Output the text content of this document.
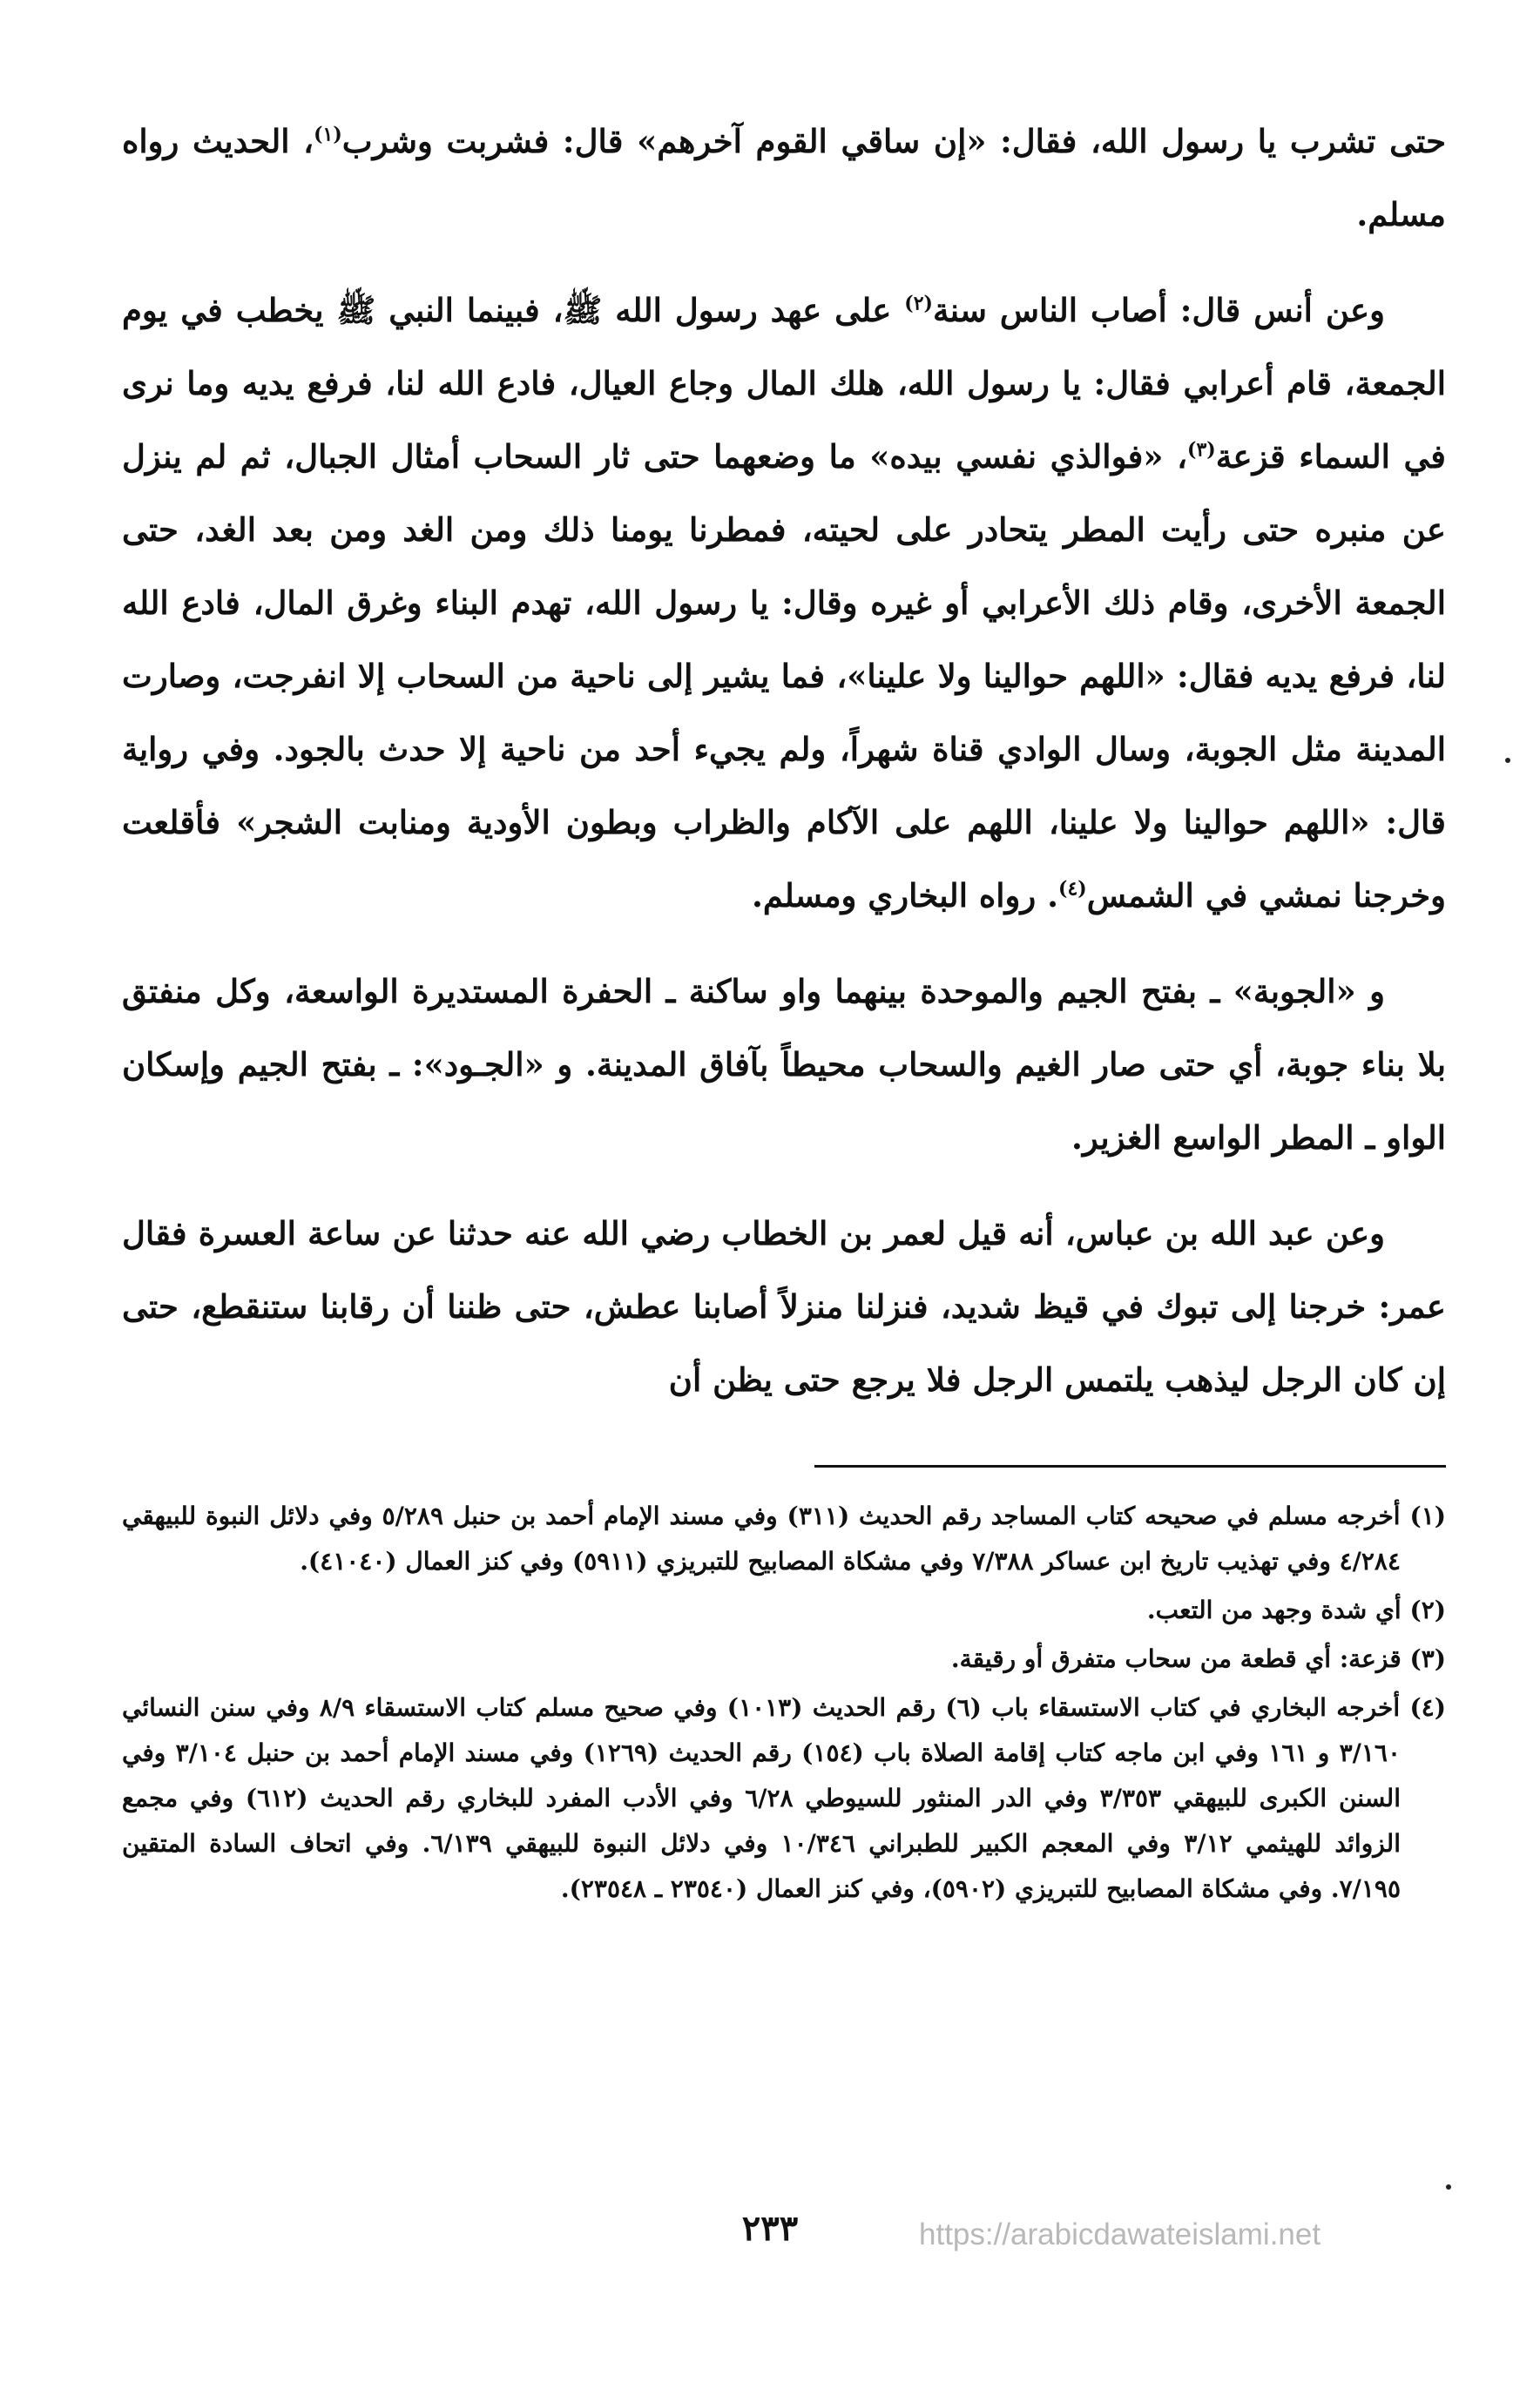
حتى تشرب يا رسول الله، فقال: «إن ساقي القوم آخرهم» قال: فشربت وشرب$^{(١)}$، الحديث رواه مسلم.

وعن أنس قال: أصاب الناس سنة$^{(٢)}$ على عهد رسول الله ﷺ، فبينما النبي ﷺ يخطب في يوم الجمعة، قام أعرابي فقال: يا رسول الله، هلك المال وجاع العيال، فادع الله لنا، فرفع يديه وما نرى في السماء قزعة$^{(٣)}$، «فوالذي نفسي بيده» ما وضعهما حتى ثار السحاب أمثال الجبال، ثم لم ينزل عن منبره حتى رأيت المطر يتحادر على لحيته، فمطرنا يومنا ذلك ومن الغد ومن بعد الغد، حتى الجمعة الأخرى، وقام ذلك الأعرابي أو غيره وقال: يا رسول الله، تهدم البناء وغرق المال، فادع الله لنا، فرفع يديه فقال: «اللهم حوالينا ولا علينا»، فما يشير إلى ناحية من السحاب إلا انفرجت، وصارت المدينة مثل الجوبة، وسال الوادي قناة شهراً، ولم يجيء أحد من ناحية إلا حدث بالجود. وفي رواية قال: «اللهم حوالينا ولا علينا، اللهم على الآكام والظراب وبطون الأودية ومنابت الشجر» فأقلعت وخرجنا نمشي في الشمس$^{(٤)}$. رواه البخاري ومسلم.

و «الجوبة» ـ بفتح الجيم والموحدة بينهما واو ساكنة ـ الحفرة المستديرة الواسعة، وكل منفتق بلا بناء جوبة، أي حتى صار الغيم والسحاب محيطاً بآفاق المدينة. و «الجـود»: ـ بفتح الجيم وإسكان الواو ـ المطر الواسع الغزير.

وعن عبد الله بن عباس، أنه قيل لعمر بن الخطاب رضي الله عنه حدثنا عن ساعة العسرة فقال عمر: خرجنا إلى تبوك في قيظ شديد، فنزلنا منزلاً أصابنا عطش، حتى ظننا أن رقابنا ستنقطع، حتى إن كان الرجل ليذهب يلتمس الرجل فلا يرجع حتى يظن أن

(١) أخرجه مسلم في صحيحه كتاب المساجد رقم الحديث (٣١١) وفي مسند الإمام أحمد بن حنبل ٥/٢٨٩ وفي دلائل النبوة للبيهقي ٤/٢٨٤ وفي تهذيب تاريخ ابن عساكر ٧/٣٨٨ وفي مشكاة المصابيح للتبريزي (٥٩١١) وفي كنز العمال (٤١٠٤٠).

(٢) أي شدة وجهد من التعب.

(٣) قزعة: أي قطعة من سحاب متفرق أو رقيقة.

(٤) أخرجه البخاري في كتاب الاستسقاء باب (٦) رقم الحديث (١٠١٣) وفي صحيح مسلم كتاب الاستسقاء ٨/٩ وفي سنن النسائي ٣/١٦٠ و ١٦١ وفي ابن ماجه كتاب إقامة الصلاة باب (١٥٤) رقم الحديث (١٢٦٩) وفي مسند الإمام أحمد بن حنبل ٣/١٠٤ وفي السنن الكبرى للبيهقي ٣/٣٥٣ وفي الدر المنثور للسيوطي ٦/٢٨ وفي الأدب المفرد للبخاري رقم الحديث (٦١٢) وفي مجمع الزوائد للهيثمي ٣/١٢ وفي المعجم الكبير للطبراني ١٠/٣٤٦ وفي دلائل النبوة للبيهقي ٦/١٣٩. وفي اتحاف السادة المتقين ٧/١٩٥. وفي مشكاة المصابيح للتبريزي (٥٩٠٢)، وفي كنز العمال (٢٣٥٤٠ ـ ٢٣٥٤٨).

٢٣٣	https://arabicdawateislami.net
